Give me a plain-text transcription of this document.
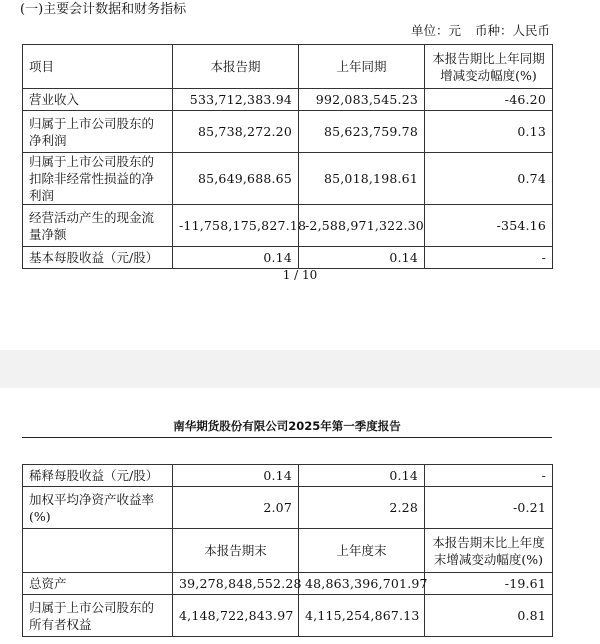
(一)主要会计数据和财务指标
单位：元 币种：人民币
项目	本报告期	上年同期	本报告期比上年同期增减变动幅度(%)
营业收入	533,712,383.94	992,083,545.23	-46.20
归属于上市公司股东的净利润	85,738,272.20	85,623,759.78	0.13
归属于上市公司股东的扣除非经常性损益的净利润	85,649,688.65	85,018,198.61	0.74
经营活动产生的现金流量净额	-11,758,175,827.18	-2,588,971,322.30	-354.16
基本每股收益（元/股）	0.14	0.14	-
1 / 10
南华期货股份有限公司2025年第一季度报告
稀释每股收益（元/股）	0.14	0.14	-
加权平均净资产收益率(%)	2.07	2.28	-0.21
	本报告期末	上年度末	本报告期末比上年度末增减变动幅度(%)
总资产	39,278,848,552.28	48,863,396,701.97	-19.61
归属于上市公司股东的所有者权益	4,148,722,843.97	4,115,254,867.13	0.81
